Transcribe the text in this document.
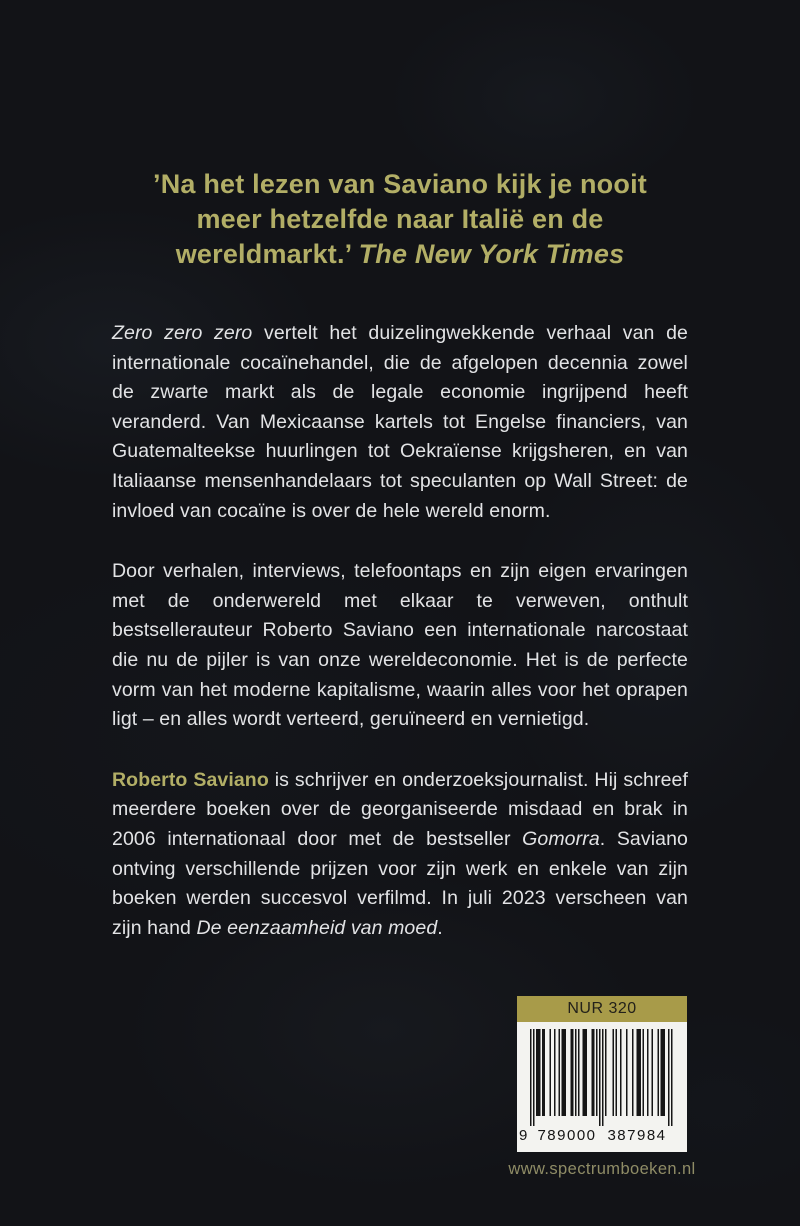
’Na het lezen van Saviano kijk je nooit meer hetzelfde naar Italië en de wereldmarkt.’ The New York Times

Zero zero zero vertelt het duizelingwekkende verhaal van de internationale cocaïnehandel, die de afgelopen decennia zowel de zwarte markt als de legale economie ingrijpend heeft veranderd. Van Mexicaanse kartels tot Engelse financiers, van Guatemalteekse huurlingen tot Oekraïense krijgsheren, en van Italiaanse mensenhandelaars tot speculanten op Wall Street: de invloed van cocaïne is over de hele wereld enorm.

Door verhalen, interviews, telefoontaps en zijn eigen ervaringen met de onderwereld met elkaar te verweven, onthult bestsellerauteur Roberto Saviano een internationale narcostaat die nu de pijler is van onze wereldeconomie. Het is de perfecte vorm van het moderne kapitalisme, waarin alles voor het oprapen ligt – en alles wordt verteerd, geruïneerd en vernietigd.

Roberto Saviano is schrijver en onderzoeksjournalist. Hij schreef meerdere boeken over de georganiseerde misdaad en brak in 2006 internationaal door met de bestseller Gomorra. Saviano ontving verschillende prijzen voor zijn werk en enkele van zijn boeken werden succesvol verfilmd. In juli 2023 verscheen van zijn hand De eenzaamheid van moed.

NUR 320
9 789000 387984
www.spectrumboeken.nl
